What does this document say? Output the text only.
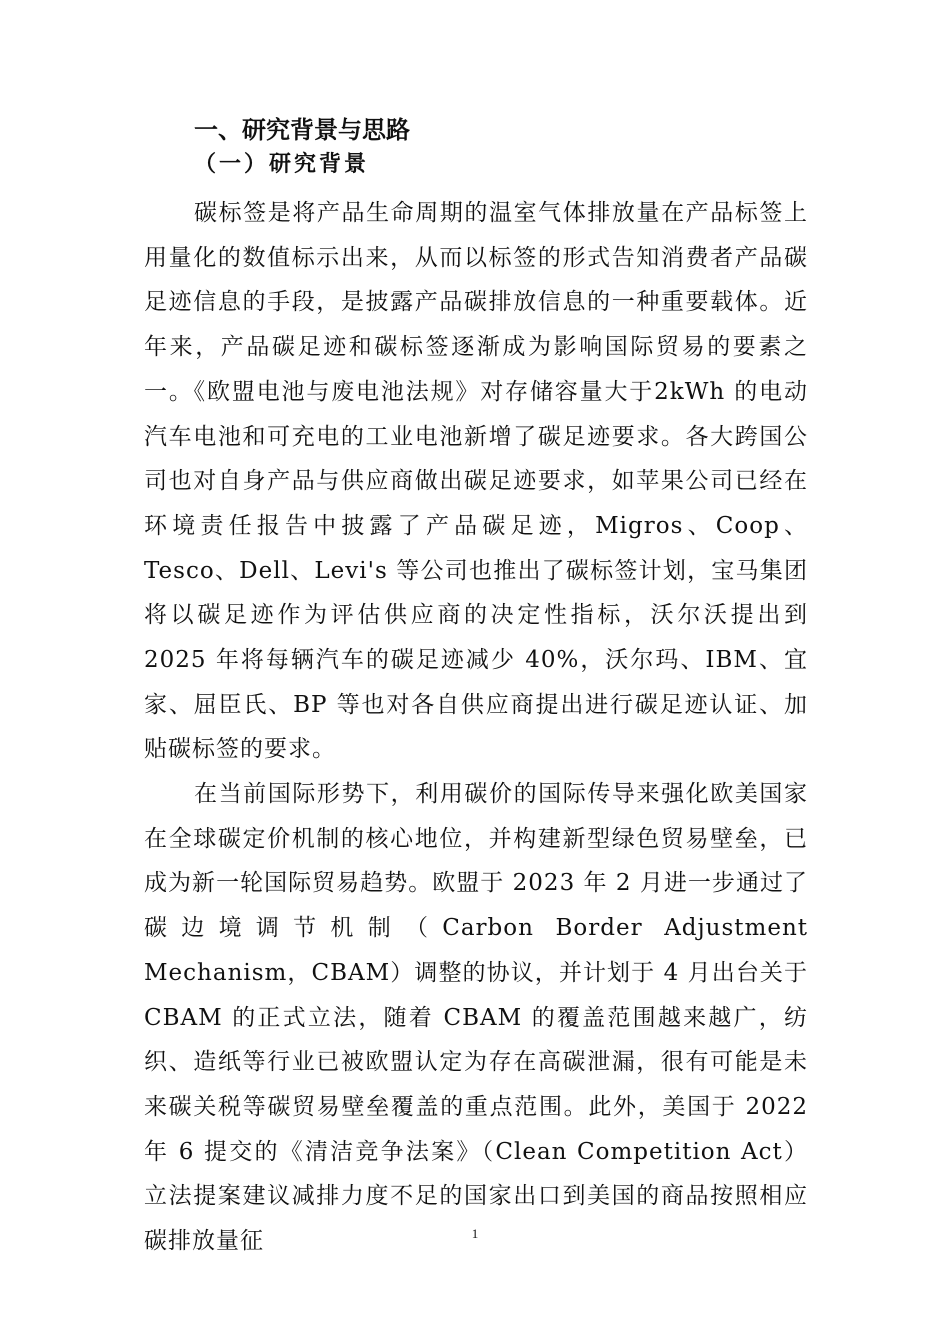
一、研究背景与思路
（一）研究背景

碳标签是将产品生命周期的温室气体排放量在产品标签上用量化的数值标示出来，从而以标签的形式告知消费者产品碳足迹信息的手段，是披露产品碳排放信息的一种重要载体。近年来，产品碳足迹和碳标签逐渐成为影响国际贸易的要素之一。《欧盟电池与废电池法规》对存储容量大于2kWh 的电动汽车电池和可充电的工业电池新增了碳足迹要求。各大跨国公司也对自身产品与供应商做出碳足迹要求，如苹果公司已经在环境责任报告中披露了产品碳足迹，Migros、Coop、Tesco、Dell、Levi's 等公司也推出了碳标签计划，宝马集团将以碳足迹作为评估供应商的决定性指标，沃尔沃提出到 2025 年将每辆汽车的碳足迹减少 40%，沃尔玛、IBM、宜家、屈臣氏、BP 等也对各自供应商提出进行碳足迹认证、加贴碳标签的要求。

在当前国际形势下，利用碳价的国际传导来强化欧美国家在全球碳定价机制的核心地位，并构建新型绿色贸易壁垒，已成为新一轮国际贸易趋势。欧盟于 2023 年 2 月进一步通过了碳边境调节机制（Carbon Border Adjustment Mechanism，CBAM）调整的协议，并计划于 4 月出台关于 CBAM 的正式立法，随着 CBAM 的覆盖范围越来越广，纺织、造纸等行业已被欧盟认定为存在高碳泄漏，很有可能是未来碳关税等碳贸易壁垒覆盖的重点范围。此外，美国于 2022 年 6 提交的《清洁竞争法案》（Clean Competition Act）立法提案建议减排力度不足的国家出口到美国的商品按照相应碳排放量征	1
